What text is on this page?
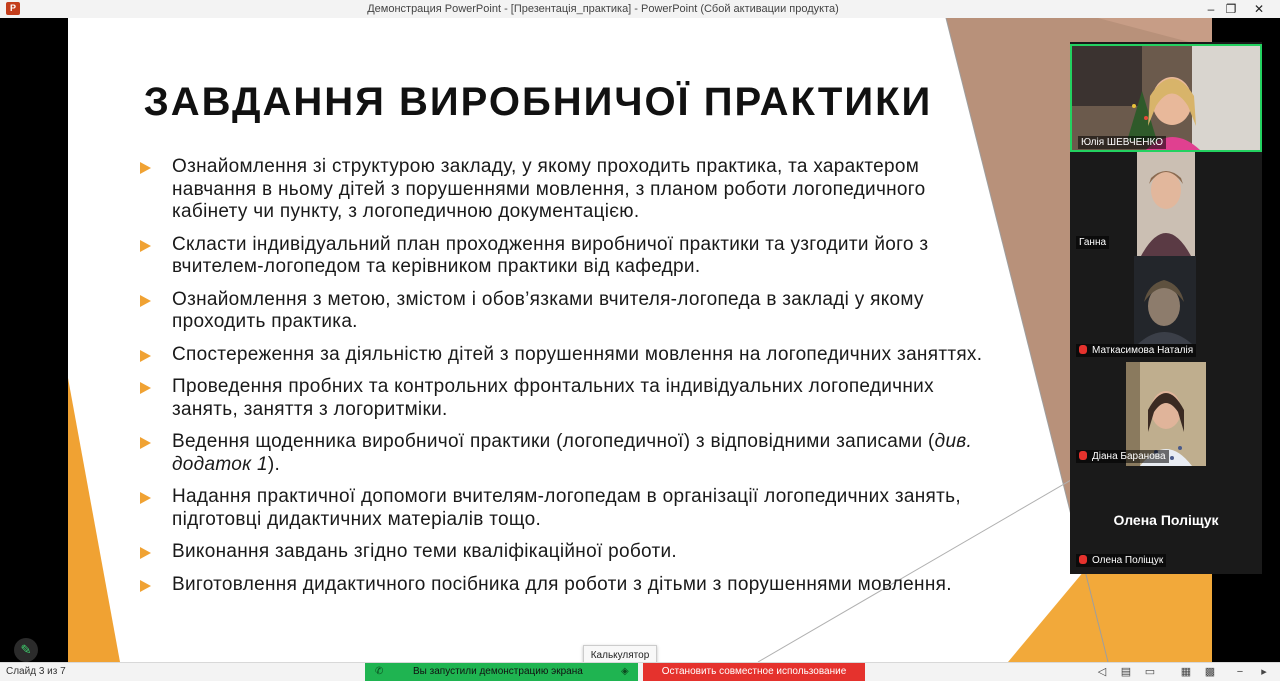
P	Демонстрация PowerPoint - [Презентація_практика] - PowerPoint (Сбой активации продукта)	– ❐	✕
ЗАВДАННЯ ВИРОБНИЧОЇ ПРАКТИКИ
Ознайомлення зі структурою закладу, у якому проходить практика, та характером навчання в ньому дітей з порушеннями мовлення, з планом роботи логопедичного кабінету чи пункту, з логопедичною документацією.
Скласти індивідуальний план проходження виробничої практики та узгодити його з вчителем-логопедом та керівником практики від кафедри.
Ознайомлення з метою, змістом і обов’язками вчителя-логопеда в закладі у якому проходить практика.
Спостереження за діяльністю дітей з порушеннями мовлення на логопедичних заняттях.
Проведення пробних та контрольних фронтальних та індивідуальних логопедичних занять, заняття з логоритміки.
Ведення щоденника виробничої практики (логопедичної) з відповідними записами (див. додаток 1).
Надання практичної допомоги вчителям-логопедам в організації логопедичних занять, підготовці дидактичних матеріалів тощо.
Виконання завдань згідно теми кваліфікаційної роботи.
Виготовлення дидактичного посібника для роботи з дітьми з порушеннями мовлення.
Юлія ШЕВЧЕНКО
Ганна
Маткасимова Наталія
Діана Баранова
Олена Поліщук
Олена Поліщук
✎	Калькулятор
Слайд 3 из 7	✆	Вы запустили демонстрацию экрана	◈	Остановить совместное использование	◁	▤ ▭ ▦ ▩	−	▸
